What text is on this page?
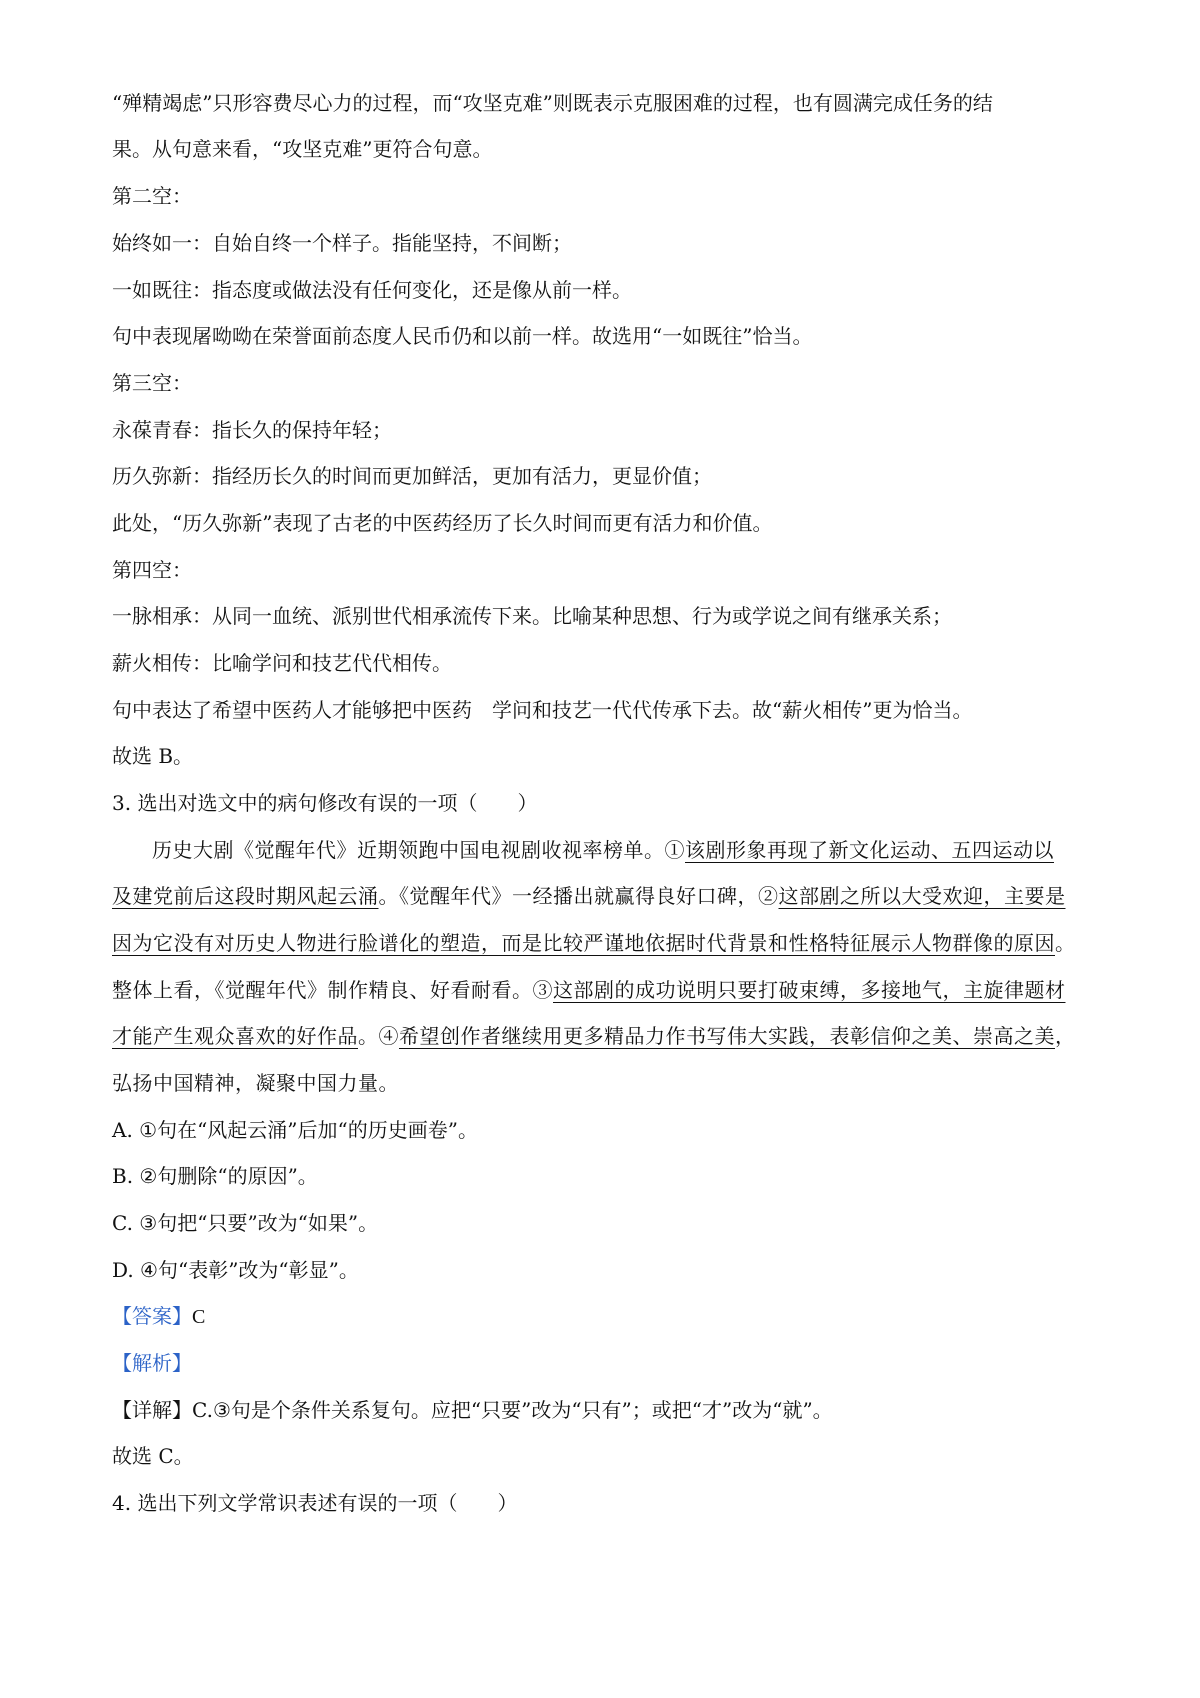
“殚精竭虑”只形容费尽心力的过程，而“攻坚克难”则既表示克服困难的过程，也有圆满完成任务的结
果。从句意来看，“攻坚克难”更符合句意。
第二空：
始终如一：自始自终一个样子。指能坚持，不间断；
一如既往：指态度或做法没有任何变化，还是像从前一样。
句中表现屠呦呦在荣誉面前态度人民币仍和以前一样。故选用“一如既往”恰当。
第三空：
永葆青春：指长久的保持年轻；
历久弥新：指经历长久的时间而更加鲜活，更加有活力，更显价值；
此处，“历久弥新”表现了古老的中医药经历了长久时间而更有活力和价值。
第四空：
一脉相承：从同一血统、派别世代相承流传下来。比喻某种思想、行为或学说之间有继承关系；
薪火相传：比喻学问和技艺代代相传。
句中表达了希望中医药人才能够把中医药　学问和技艺一代代传承下去。故“薪火相传”更为恰当。
故选 B。
3. 选出对选文中的病句修改有误的一项（　　）
历史大剧《觉醒年代》近期领跑中国电视剧收视率榜单。①该剧形象再现了新文化运动、五四运动以
及建党前后这段时期风起云涌。《觉醒年代》一经播出就赢得良好口碑，②这部剧之所以大受欢迎，主要是
因为它没有对历史人物进行脸谱化的塑造，而是比较严谨地依据时代背景和性格特征展示人物群像的原因。
整体上看，《觉醒年代》制作精良、好看耐看。③这部剧的成功说明只要打破束缚，多接地气，主旋律题材
才能产生观众喜欢的好作品。④希望创作者继续用更多精品力作书写伟大实践，表彰信仰之美、崇高之美，
弘扬中国精神，凝聚中国力量。
A. ①句在“风起云涌”后加“的历史画卷”。
B. ②句删除“的原因”。
C. ③句把“只要”改为“如果”。
D. ④句“表彰”改为“彰显”。
【答案】C
【解析】
【详解】C.③句是个条件关系复句。应把“只要”改为“只有”；或把“才”改为“就”。
故选 C。
4. 选出下列文学常识表述有误的一项（　　）
